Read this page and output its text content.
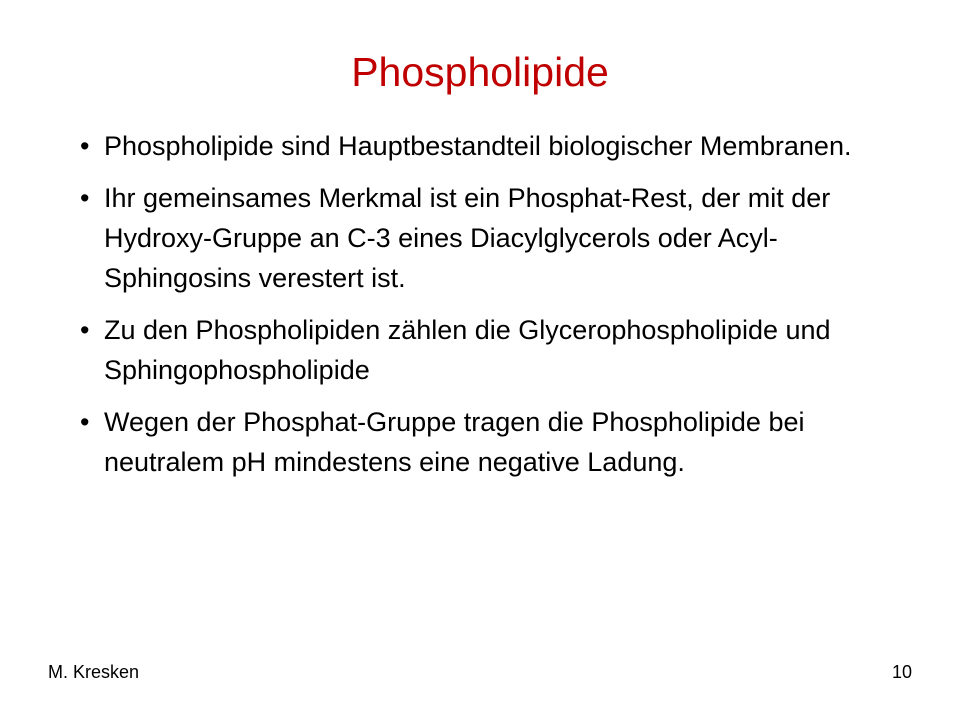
Phospholipide
• Phospholipide sind Hauptbestandteil biologischer Membranen.
• Ihr gemeinsames Merkmal ist ein Phosphat-Rest, der mit der Hydroxy-Gruppe an C-3 eines Diacylglycerols oder Acyl-Sphingosins verestert ist.
• Zu den Phospholipiden zählen die Glycerophospholipide und Sphingophospholipide
• Wegen der Phosphat-Gruppe tragen die Phospholipide bei neutralem pH mindestens eine negative Ladung.
M. Kresken	10
